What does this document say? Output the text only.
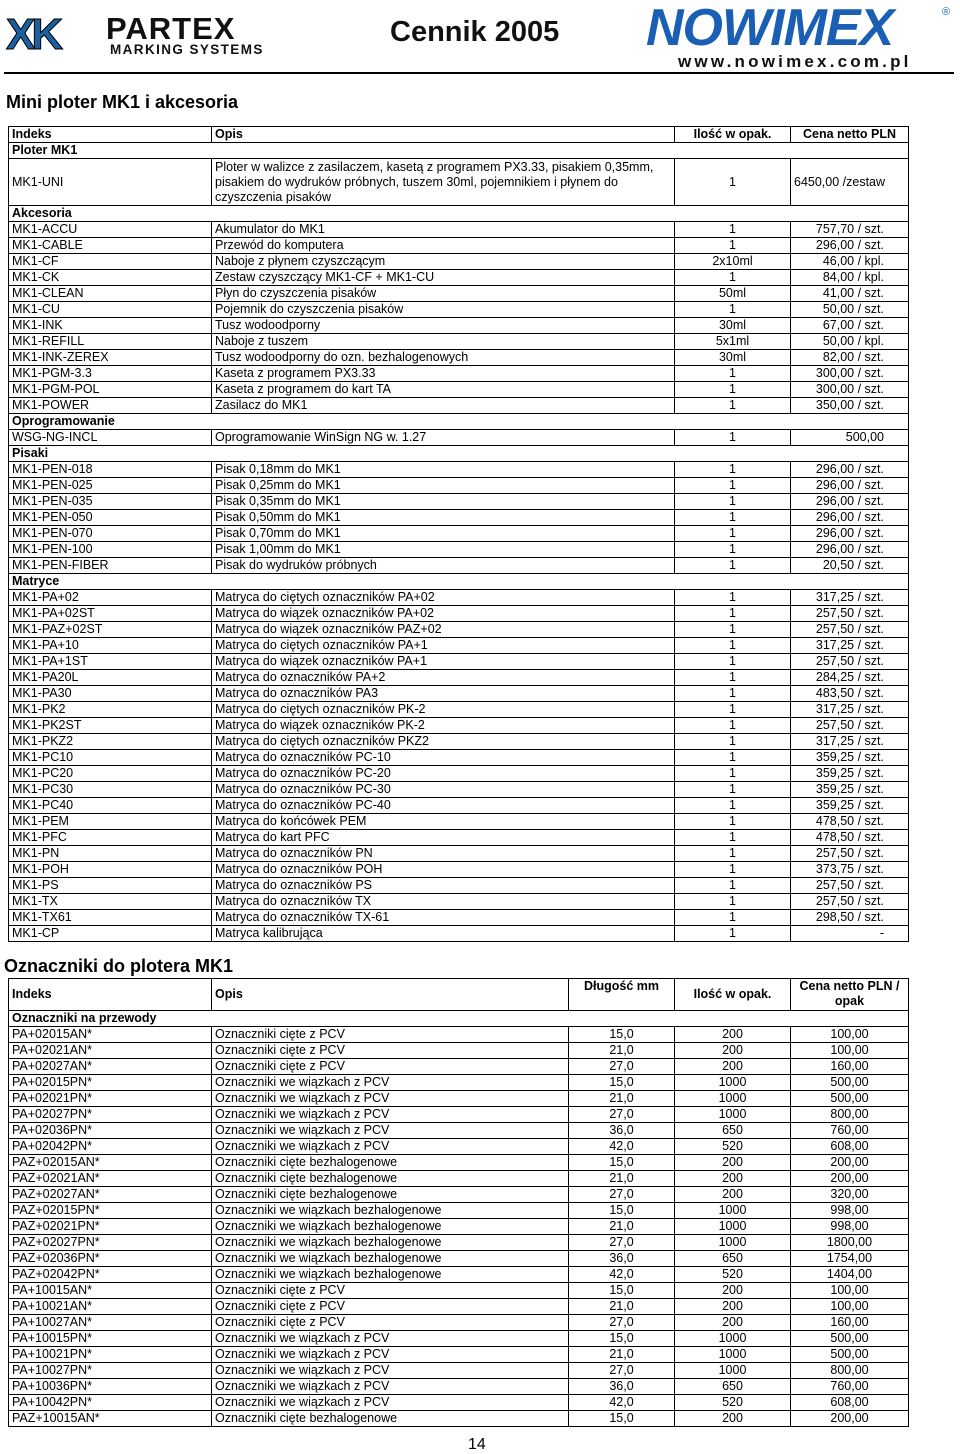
XK PARTEX
MARKING SYSTEMS
Cennik 2005 NOWIMEX	®
www.nowimex.com.pl
Mini ploter MK1 i akcesoria
Indeks	Opis	Ilość w opak.	Cena netto PLN
Ploter MK1			
MK1-UNI	Ploter w walizce z zasilaczem, kasetą z programem PX3.33, pisakiem 0,35mm, pisakiem do wydruków próbnych, tuszem 30ml, pojemnikiem i płynem do czyszczenia pisaków	1	6450,00 /zestaw
Akcesoria			
MK1-ACCU	Akumulator do MK1	1	757,70 / szt.
MK1-CABLE	Przewód do komputera	1	296,00 / szt.
MK1-CF	Naboje z płynem czyszczącym	2x10ml	46,00 / kpl.
MK1-CK	Zestaw czyszczący MK1-CF + MK1-CU	1	84,00 / kpl.
MK1-CLEAN	Płyn do czyszczenia pisaków	50ml	41,00 / szt.
MK1-CU	Pojemnik do czyszczenia pisaków	1	50,00 / szt.
MK1-INK	Tusz wodoodporny	30ml	67,00 / szt.
MK1-REFILL	Naboje z tuszem	5x1ml	50,00 / kpl.
MK1-INK-ZEREX	Tusz wodoodporny do ozn. bezhalogenowych	30ml	82,00 / szt.
MK1-PGM-3.3	Kaseta z programem PX3.33	1	300,00 / szt.
MK1-PGM-POL	Kaseta z programem do kart TA	1	300,00 / szt.
MK1-POWER	Zasilacz do MK1	1	350,00 / szt.
Oprogramowanie			
WSG-NG-INCL	Oprogramowanie WinSign NG w. 1.27	1	500,00
Pisaki			
MK1-PEN-018	Pisak 0,18mm do MK1	1	296,00 / szt.
MK1-PEN-025	Pisak 0,25mm do MK1	1	296,00 / szt.
MK1-PEN-035	Pisak 0,35mm do MK1	1	296,00 / szt.
MK1-PEN-050	Pisak 0,50mm do MK1	1	296,00 / szt.
MK1-PEN-070	Pisak 0,70mm do MK1	1	296,00 / szt.
MK1-PEN-100	Pisak 1,00mm do MK1	1	296,00 / szt.
MK1-PEN-FIBER	Pisak do wydruków próbnych	1	20,50 / szt.
Matryce			
MK1-PA+02	Matryca do ciętych oznaczników PA+02	1	317,25 / szt.
MK1-PA+02ST	Matryca do wiązek oznaczników PA+02	1	257,50 / szt.
MK1-PAZ+02ST	Matryca do wiązek oznaczników PAZ+02	1	257,50 / szt.
MK1-PA+10	Matryca do ciętych oznaczników PA+1	1	317,25 / szt.
MK1-PA+1ST	Matryca do wiązek oznaczników PA+1	1	257,50 / szt.
MK1-PA20L	Matryca do oznaczników PA+2	1	284,25 / szt.
MK1-PA30	Matryca do oznaczników PA3	1	483,50 / szt.
MK1-PK2	Matryca do ciętych oznaczników PK-2	1	317,25 / szt.
MK1-PK2ST	Matryca do wiązek oznaczników PK-2	1	257,50 / szt.
MK1-PKZ2	Matryca do ciętych oznaczników PKZ2	1	317,25 / szt.
MK1-PC10	Matryca do oznaczników PC-10	1	359,25 / szt.
MK1-PC20	Matryca do oznaczników PC-20	1	359,25 / szt.
MK1-PC30	Matryca do oznaczników PC-30	1	359,25 / szt.
MK1-PC40	Matryca do oznaczników PC-40	1	359,25 / szt.
MK1-PEM	Matryca do końcówek PEM	1	478,50 / szt.
MK1-PFC	Matryca do kart PFC	1	478,50 / szt.
MK1-PN	Matryca do oznaczników PN	1	257,50 / szt.
MK1-POH	Matryca do oznaczników POH	1	373,75 / szt.
MK1-PS	Matryca do oznaczników PS	1	257,50 / szt.
MK1-TX	Matryca do oznaczników TX	1	257,50 / szt.
MK1-TX61	Matryca do oznaczników TX-61	1	298,50 / szt.
MK1-CP	Matryca kalibrująca	1	-
Oznaczniki do plotera MK1
Indeks	Opis	Długość mm	Ilość w opak.	Cena netto PLN / opak
Oznaczniki na przewody				
PA+02015AN*	Oznaczniki cięte z PCV	15,0	200	100,00
PA+02021AN*	Oznaczniki cięte z PCV	21,0	200	100,00
PA+02027AN*	Oznaczniki cięte z PCV	27,0	200	160,00
PA+02015PN*	Oznaczniki we wiązkach z PCV	15,0	1000	500,00
PA+02021PN*	Oznaczniki we wiązkach z PCV	21,0	1000	500,00
PA+02027PN*	Oznaczniki we wiązkach z PCV	27,0	1000	800,00
PA+02036PN*	Oznaczniki we wiązkach z PCV	36,0	650	760,00
PA+02042PN*	Oznaczniki we wiązkach z PCV	42,0	520	608,00
PAZ+02015AN*	Oznaczniki cięte bezhalogenowe	15,0	200	200,00
PAZ+02021AN*	Oznaczniki cięte bezhalogenowe	21,0	200	200,00
PAZ+02027AN*	Oznaczniki cięte bezhalogenowe	27,0	200	320,00
PAZ+02015PN*	Oznaczniki we wiązkach bezhalogenowe	15,0	1000	998,00
PAZ+02021PN*	Oznaczniki we wiązkach bezhalogenowe	21,0	1000	998,00
PAZ+02027PN*	Oznaczniki we wiązkach bezhalogenowe	27,0	1000	1800,00
PAZ+02036PN*	Oznaczniki we wiązkach bezhalogenowe	36,0	650	1754,00
PAZ+02042PN*	Oznaczniki we wiązkach bezhalogenowe	42,0	520	1404,00
PA+10015AN*	Oznaczniki cięte z PCV	15,0	200	100,00
PA+10021AN*	Oznaczniki cięte z PCV	21,0	200	100,00
PA+10027AN*	Oznaczniki cięte z PCV	27,0	200	160,00
PA+10015PN*	Oznaczniki we wiązkach z PCV	15,0	1000	500,00
PA+10021PN*	Oznaczniki we wiązkach z PCV	21,0	1000	500,00
PA+10027PN*	Oznaczniki we wiązkach z PCV	27,0	1000	800,00
PA+10036PN*	Oznaczniki we wiązkach z PCV	36,0	650	760,00
PA+10042PN*	Oznaczniki we wiązkach z PCV	42,0	520	608,00
PAZ+10015AN*	Oznaczniki cięte bezhalogenowe	15,0	200	200,00
14
